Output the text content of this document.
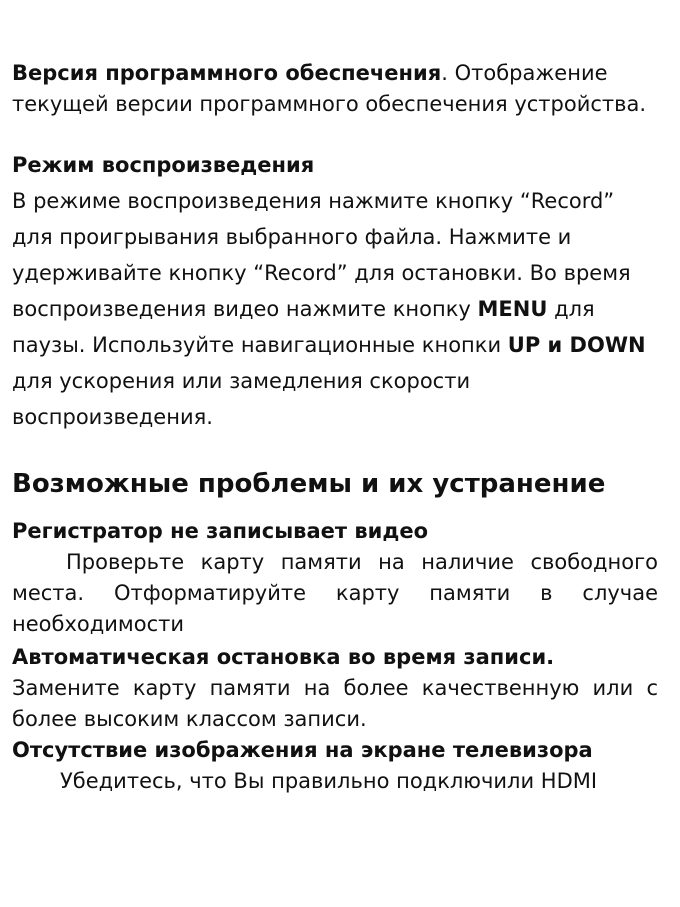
Версия программного обеспечения. Отображение текущей версии программного обеспечения устройства.

Режим воспроизведения

В режиме воспроизведения нажмите кнопку “Record” для проигрывания выбранного файла. Нажмите и удерживайте кнопку “Record” для остановки. Во время воспроизведения видео нажмите кнопку MENU для паузы. Используйте навигационные кнопки UP и DOWN для ускорения или замедления скорости воспроизведения.

Возможные проблемы и их устранение
Регистратор не записывает видео

Проверьте карту памяти на наличие свободного места. Отформатируйте карту памяти в случае необходимости

Автоматическая остановка во время записи.

Замените карту памяти на более качественную или с более высоким классом записи.

Отсутствие изображения на экране телевизора

Убедитесь, что Вы правильно подключили HDMI
